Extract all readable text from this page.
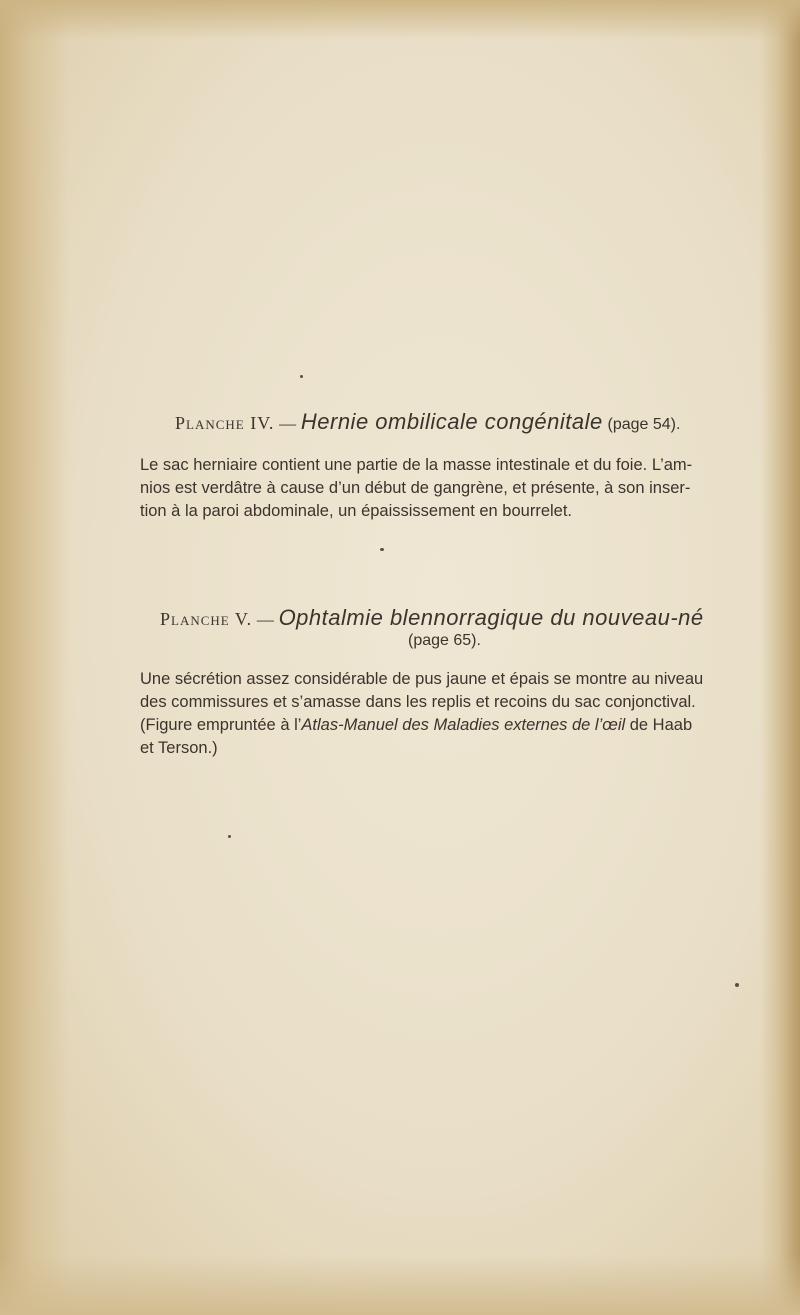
Planche IV. — Hernie ombilicale congénitale (page 54).
Le sac herniaire contient une partie de la masse intestinale et du foie. L’am-
nios est verdâtre à cause d’un début de gangrène, et présente, à son inser-
tion à la paroi abdominale, un épaississement en bourrelet.
Planche V. — Ophtalmie blennorragique du nouveau-né
(page 65).
Une sécrétion assez considérable de pus jaune et épais se montre au niveau
des commissures et s’amasse dans les replis et recoins du sac conjonctival.
(Figure empruntée à l’Atlas-Manuel des Maladies externes de l’œil de Haab
et Terson.)
